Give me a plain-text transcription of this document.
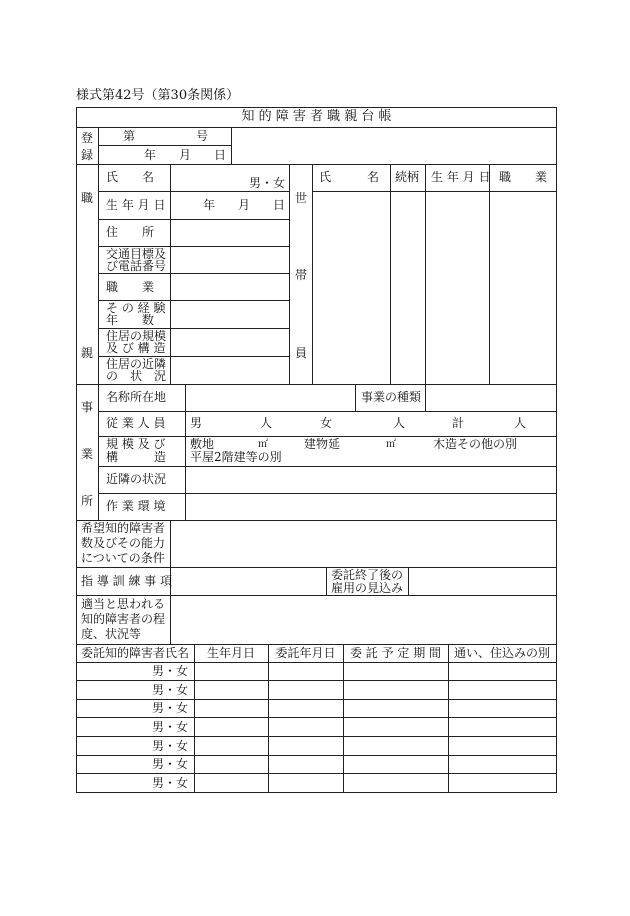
様式第42号（第30条関係）
知 的 障 害 者 職 親 台 帳
登
録
第	号
年 月 日
職
親
氏　　名	男・女
生 年 月 日	年 月 日
住　　所
交通目標及
び電話番号
職　　業
そ の 経 験
年　　数
住居の規模
及 び 構 造
住居の近隣
の　状　況
世
帯
員
氏　　　名 続柄 生 年 月 日 職　　業
事
業
所
名称所在地	事業の種類
従 業 人 員 男	人	女	人	計	人
規 模 及 び
構　　　造
敷地	㎡	建物延	㎡	木造その他の別
平屋2階建等の別
近隣の状況
作 業 環 境
希望知的障害者
数及びその能力
についての条件
指 導 訓 練 事 項	委託終了後の
雇用の見込み
適当と思われる
知的障害者の程
度、状況等
委託知的障害者氏名	生年月日	委託年月日	委 託 予 定 期 間	通い、住込みの別
男・女
男・女
男・女
男・女
男・女
男・女
男・女
